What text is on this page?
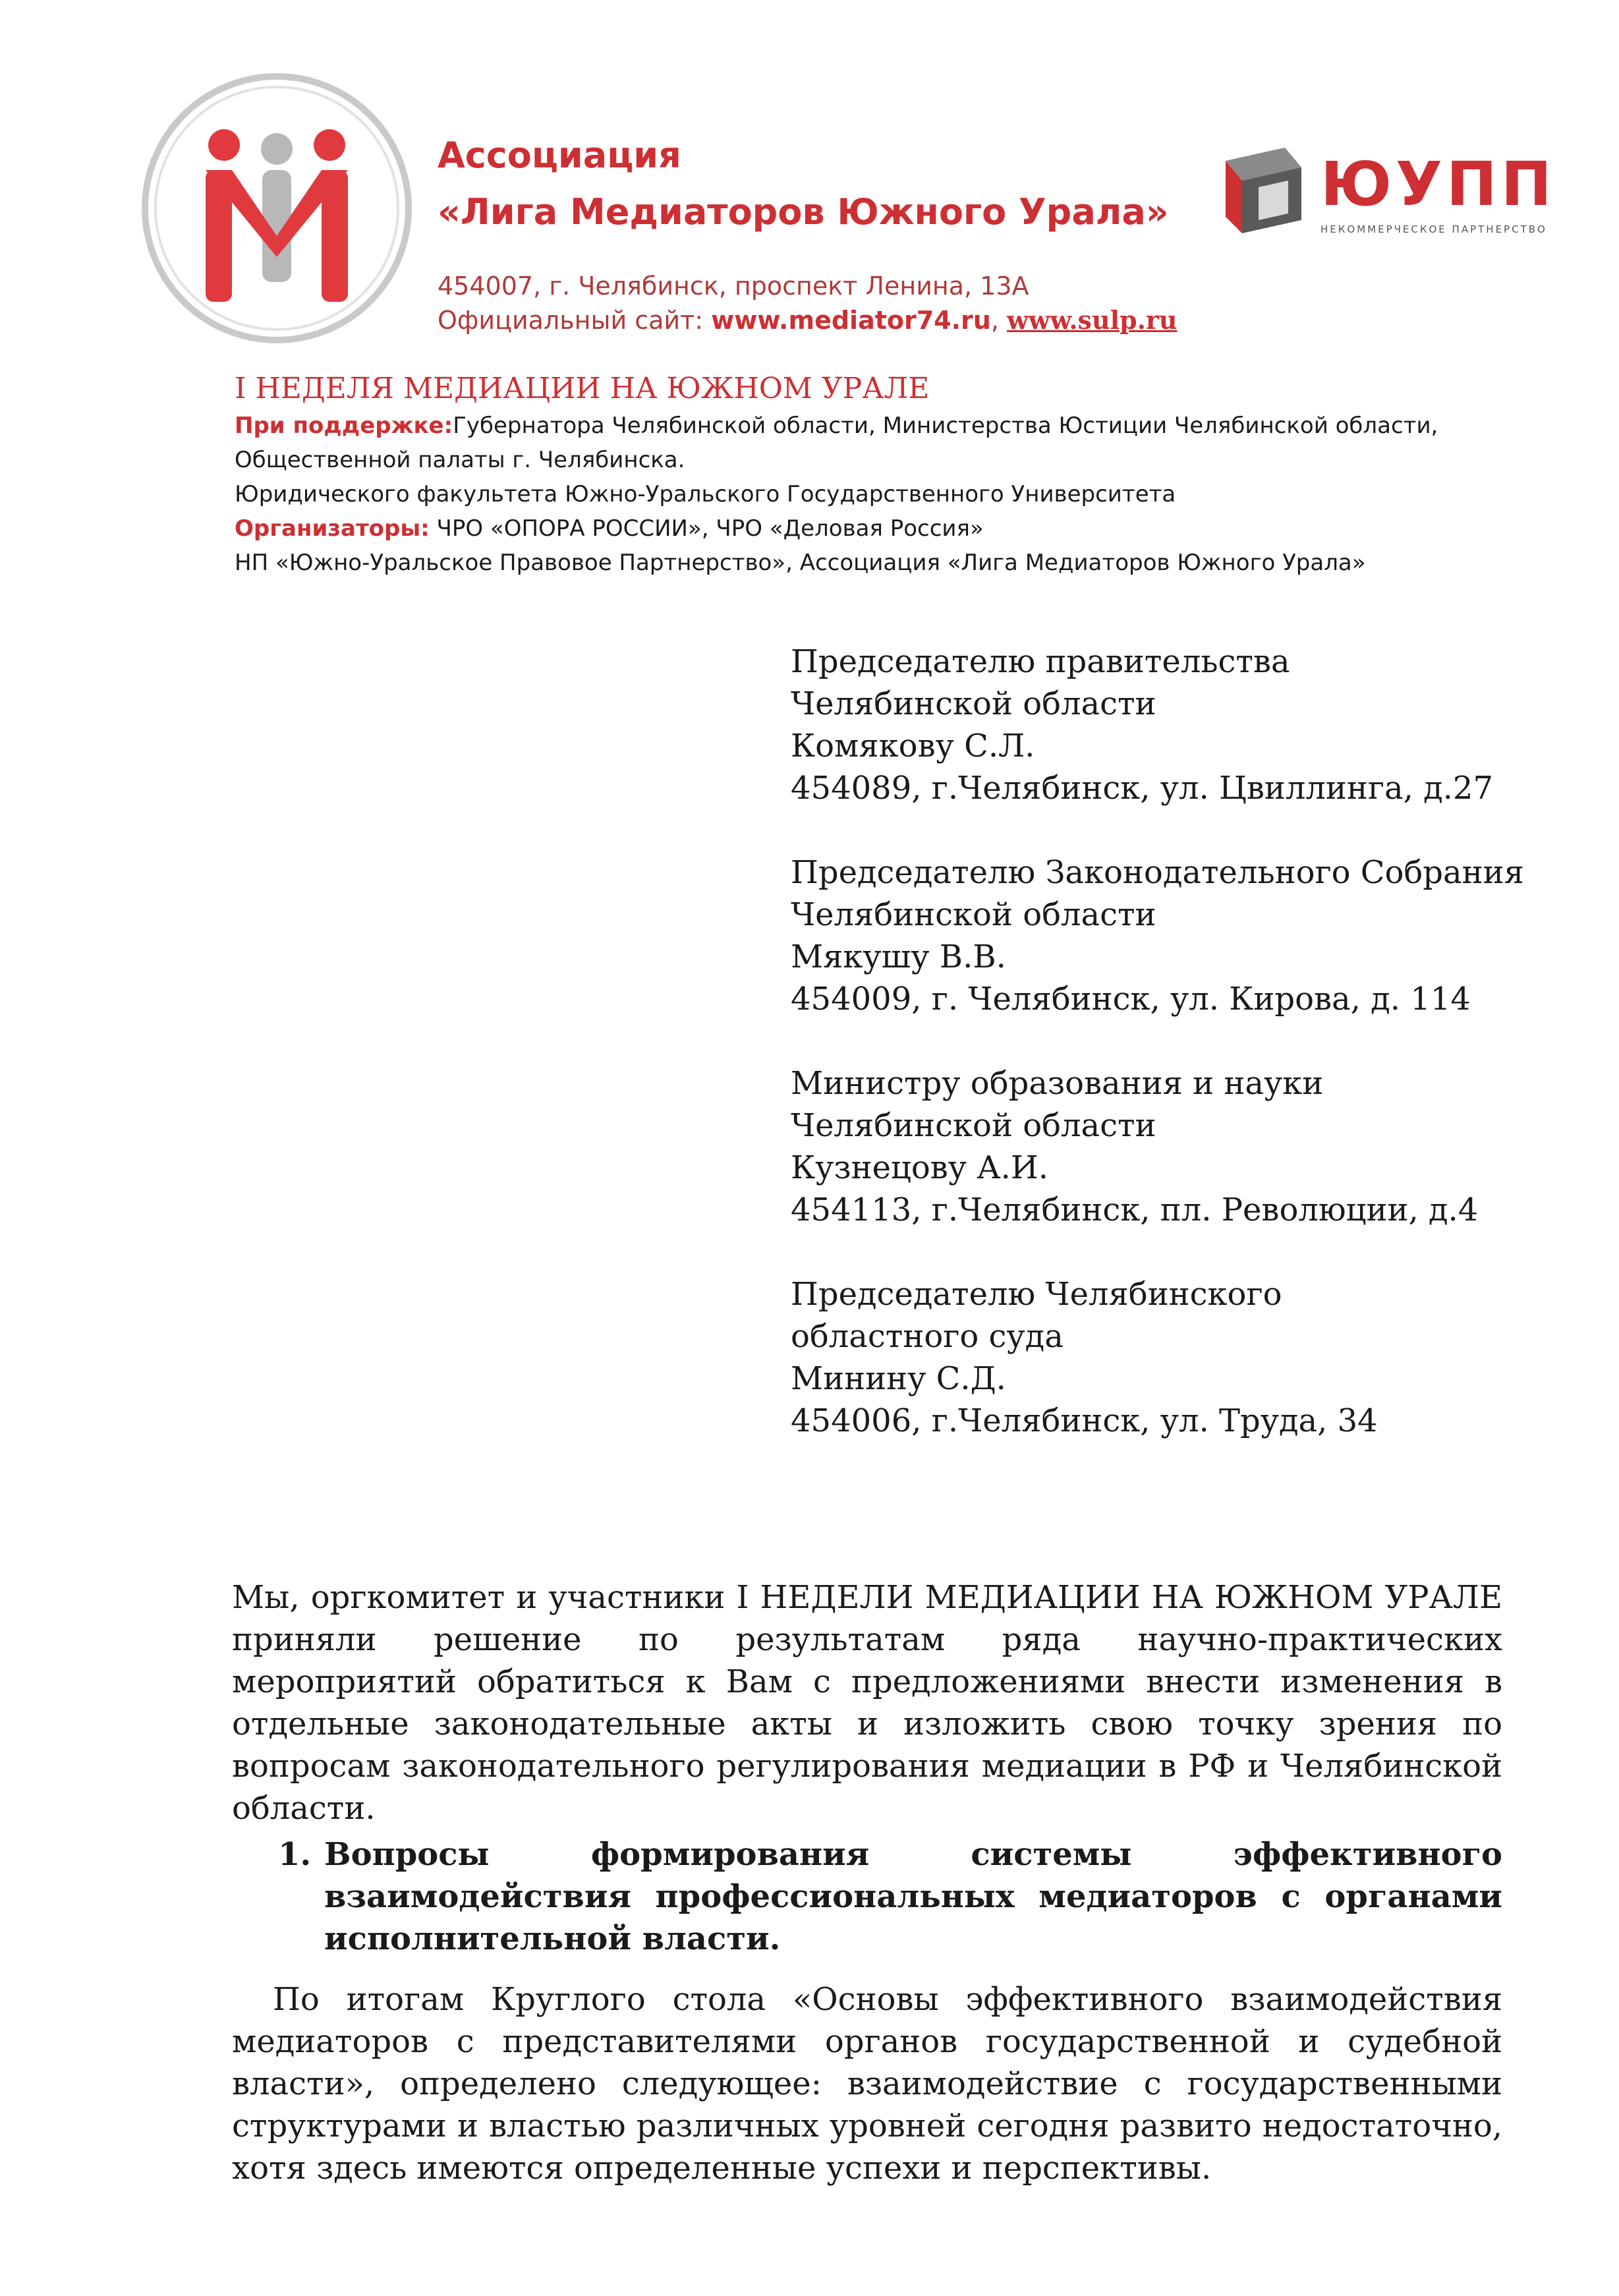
Ассоциация
«Лига Медиаторов Южного Урала»
454007, г. Челябинск, проспект Ленина, 13А
Официальный сайт: www.mediator74.ru, www.sulp.ru
ЮУПП
НЕКОММЕРЧЕСКОЕ ПАРТНЕРСТВО
I НЕДЕЛЯ МЕДИАЦИИ НА ЮЖНОМ УРАЛЕ
При поддержке:Губернатора Челябинской области, Министерства Юстиции Челябинской области,
Общественной палаты г. Челябинска.
Юридического факультета Южно-Уральского Государственного Университета
Организаторы: ЧРО «ОПОРА РОССИИ», ЧРО «Деловая Россия»
НП «Южно-Уральское Правовое Партнерство», Ассоциация «Лига Медиаторов Южного Урала»
Председателю правительства
Челябинской области
Комякову С.Л.
454089, г.Челябинск, ул. Цвиллинга, д.27
Председателю Законодательного Собрания
Челябинской области
Мякушу В.В.
454009, г. Челябинск, ул. Кирова, д. 114
Министру образования и науки
Челябинской области
Кузнецову А.И.
454113, г.Челябинск, пл. Революции, д.4
Председателю Челябинского
областного суда
Минину С.Д.
454006, г.Челябинск, ул. Труда, 34

Мы, оргкомитет и участники I НЕДЕЛИ МЕДИАЦИИ НА ЮЖНОМ УРАЛЕ приняли решение по результатам ряда научно-практических мероприятий обратиться к Вам с предложениями внести изменения в отдельные законодательные акты и изложить свою точку зрения по вопросам законодательного регулирования медиации в РФ и Челябинской области.

1. Вопросы формирования системы эффективного взаимодействия профессиональных медиаторов с органами исполнительной власти.

По итогам Круглого стола «Основы эффективного взаимодействия медиаторов с представителями органов государственной и судебной власти», определено следующее: взаимодействие с государственными структурами и властью различных уровней сегодня развито недостаточно, хотя здесь имеются определенные успехи и перспективы.
